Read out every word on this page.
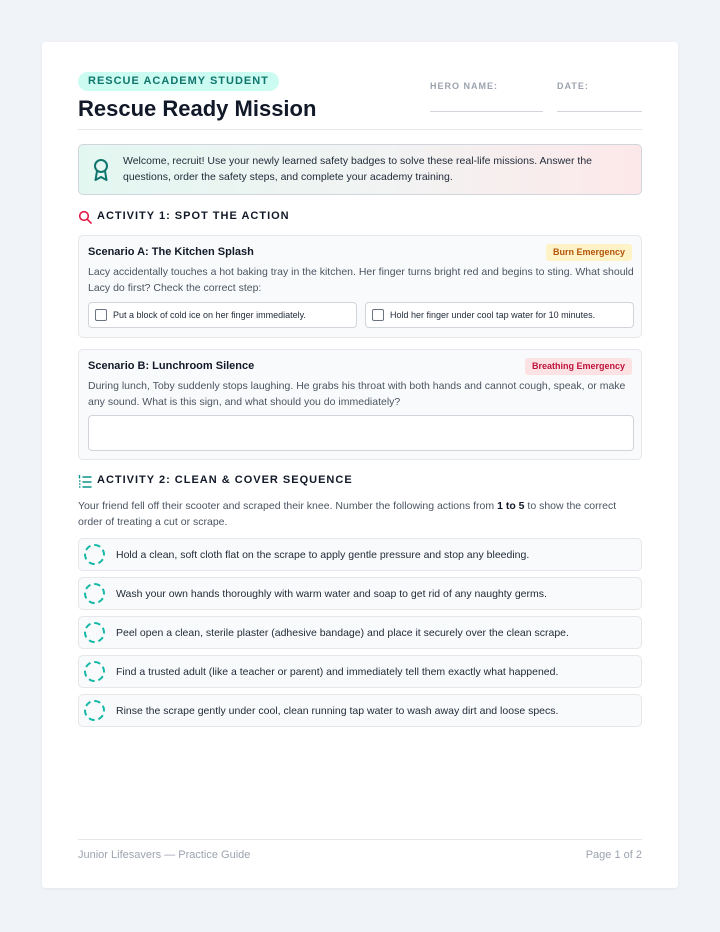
RESCUE ACADEMY STUDENT
Rescue Ready Mission
HERO NAME:	DATE:
Welcome, recruit! Use your newly learned safety badges to solve these real-life missions. Answer the questions, order the safety steps, and complete your academy training.
ACTIVITY 1: SPOT THE ACTION
Scenario A: The Kitchen Splash	Burn Emergency
Lacy accidentally touches a hot baking tray in the kitchen. Her finger turns bright red and begins to sting. What should Lacy do first? Check the correct step:
Put a block of cold ice on her finger immediately.	Hold her finger under cool tap water for 10 minutes.
Scenario B: Lunchroom Silence	Breathing Emergency
During lunch, Toby suddenly stops laughing. He grabs his throat with both hands and cannot cough, speak, or make any sound. What is this sign, and what should you do immediately?
ACTIVITY 2: CLEAN & COVER SEQUENCE
Your friend fell off their scooter and scraped their knee. Number the following actions from 1 to 5 to show the correct order of treating a cut or scrape.
Hold a clean, soft cloth flat on the scrape to apply gentle pressure and stop any bleeding.
Wash your own hands thoroughly with warm water and soap to get rid of any naughty germs.
Peel open a clean, sterile plaster (adhesive bandage) and place it securely over the clean scrape.
Find a trusted adult (like a teacher or parent) and immediately tell them exactly what happened.
Rinse the scrape gently under cool, clean running tap water to wash away dirt and loose specs.
Junior Lifesavers — Practice Guide	Page 1 of 2
